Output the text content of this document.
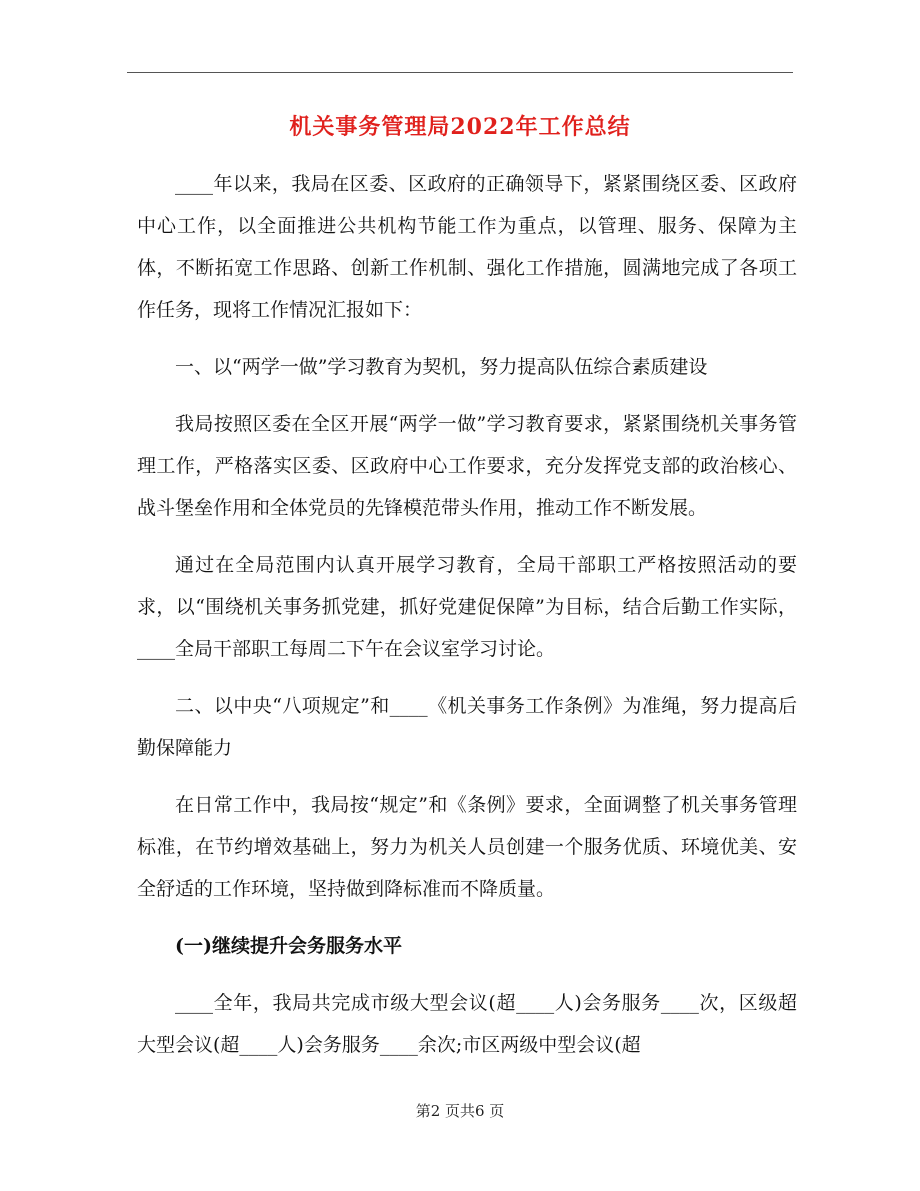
机关事务管理局2022年工作总结

____年以来，我局在区委、区政府的正确领导下，紧紧围绕区委、区政府中心工作，以全面推进公共机构节能工作为重点，以管理、服务、保障为主体，不断拓宽工作思路、创新工作机制、强化工作措施，圆满地完成了各项工作任务，现将工作情况汇报如下：

一、以“两学一做”学习教育为契机，努力提高队伍综合素质建设

我局按照区委在全区开展“两学一做”学习教育要求，紧紧围绕机关事务管理工作，严格落实区委、区政府中心工作要求，充分发挥党支部的政治核心、战斗堡垒作用和全体党员的先锋模范带头作用，推动工作不断发展。

通过在全局范围内认真开展学习教育，全局干部职工严格按照活动的要求，以“围绕机关事务抓党建，抓好党建促保障”为目标，结合后勤工作实际，____全局干部职工每周二下午在会议室学习讨论。

二、以中央“八项规定”和____《机关事务工作条例》为准绳，努力提高后勤保障能力

在日常工作中，我局按“规定”和《条例》要求，全面调整了机关事务管理标准，在节约增效基础上，努力为机关人员创建一个服务优质、环境优美、安全舒适的工作环境，坚持做到降标准而不降质量。

(一)继续提升会务服务水平

____全年，我局共完成市级大型会议(超____人)会务服务____次，区级超大型会议(超____人)会务服务____余次;市区两级中型会议(超

第2 页共6 页
